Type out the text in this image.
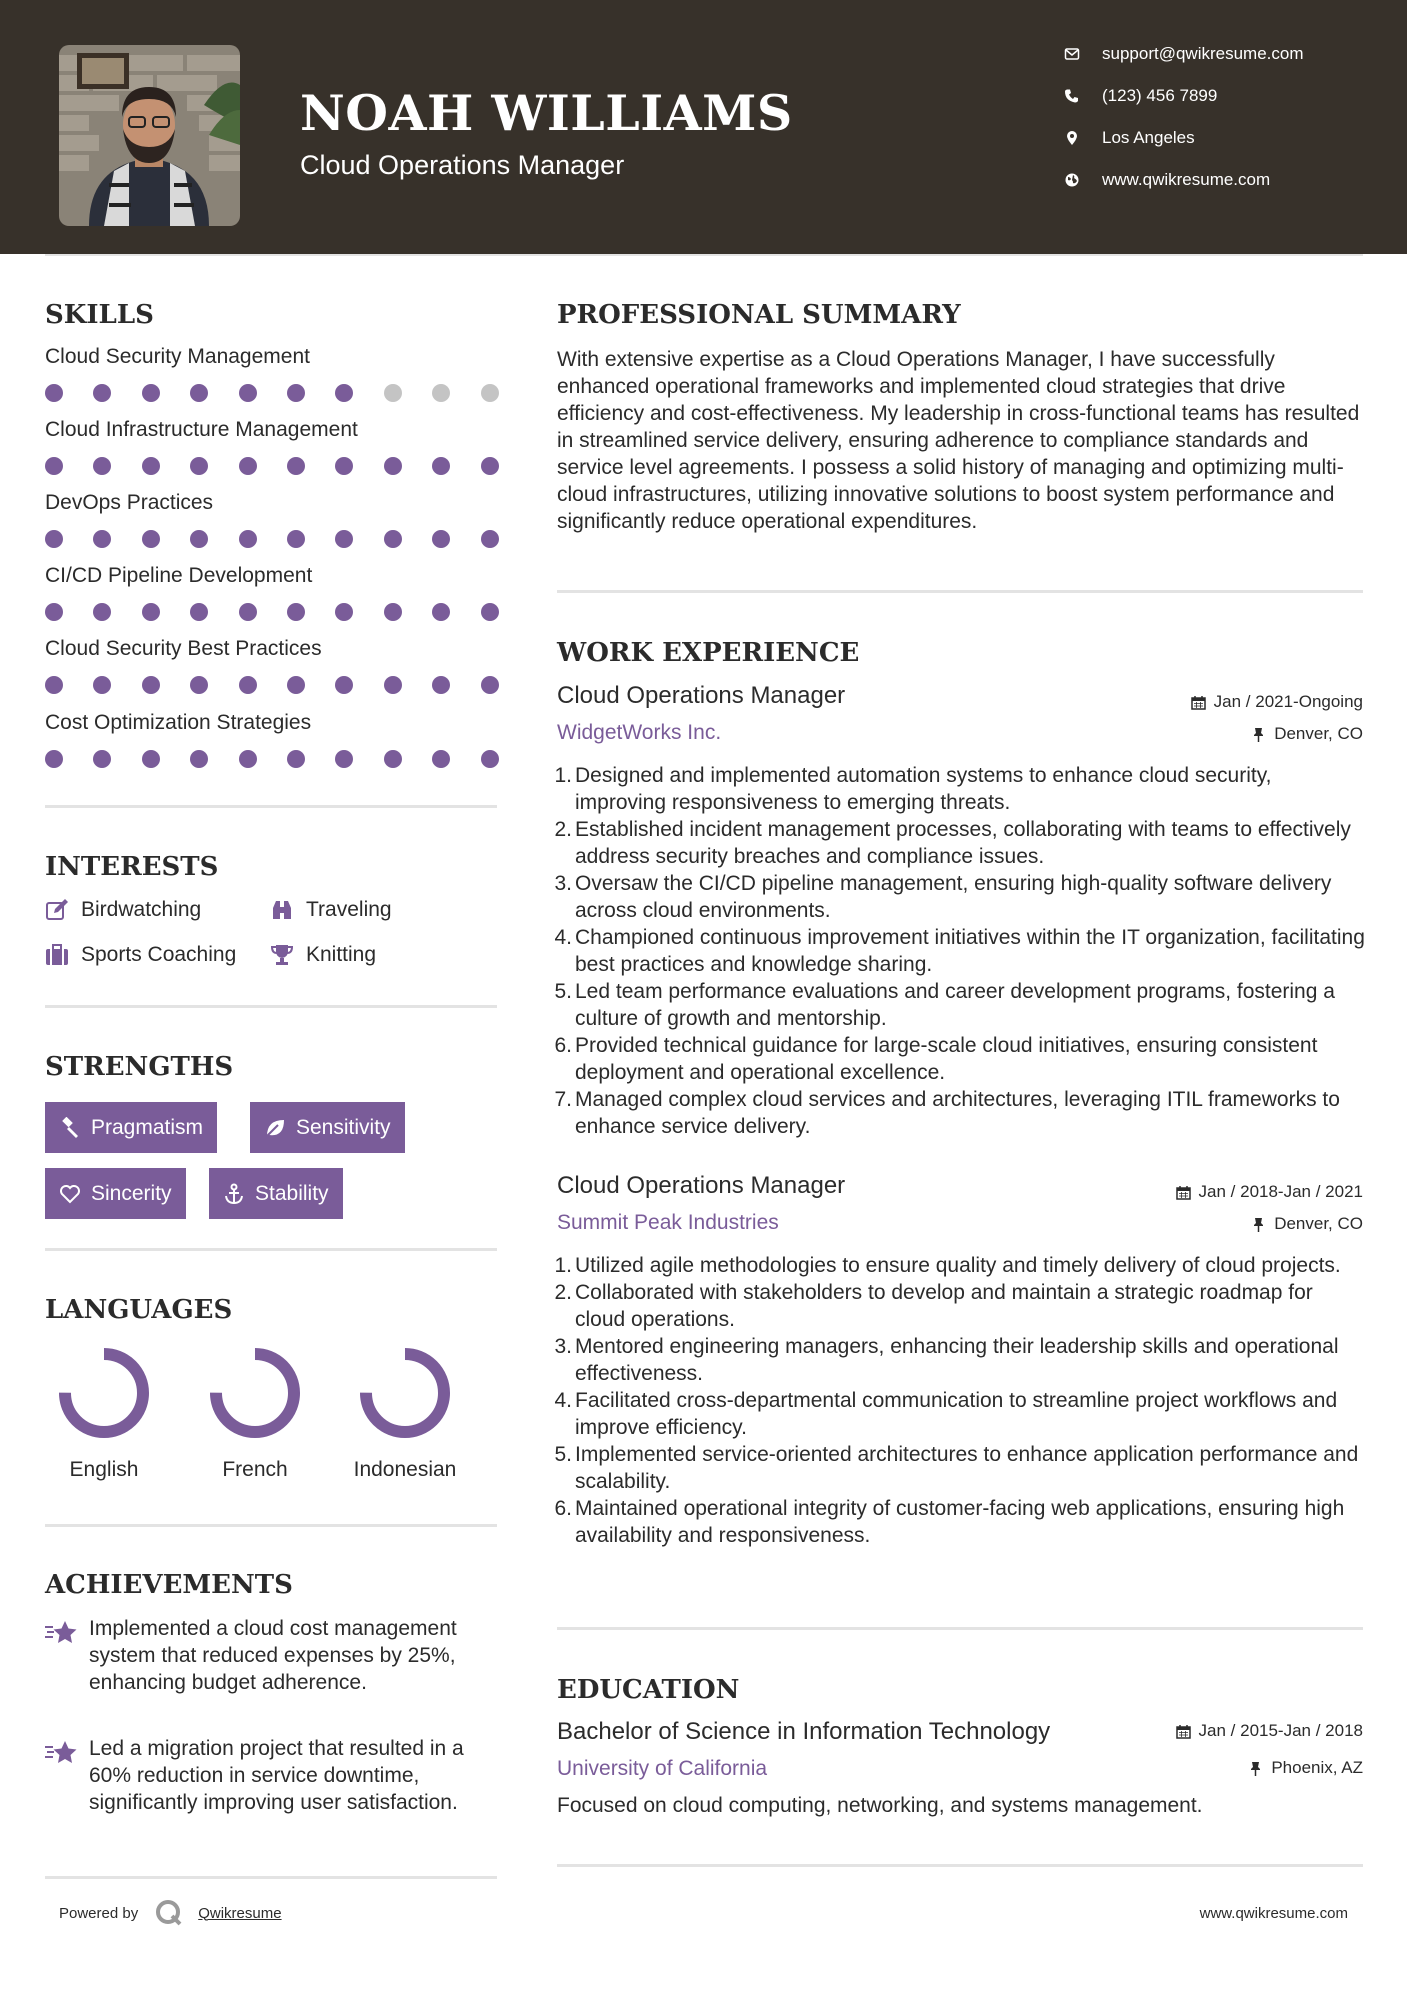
NOAH WILLIAMS
Cloud Operations Manager
support@qwikresume.com
(123) 456 7899
Los Angeles
www.qwikresume.com
SKILLS
Cloud Security Management
Cloud Infrastructure Management
DevOps Practices
CI/CD Pipeline Development
Cloud Security Best Practices
Cost Optimization Strategies
INTERESTS
Birdwatching	Traveling
Sports Coaching	Knitting
STRENGTHS
Pragmatism	Sensitivity
Sincerity	Stability
LANGUAGES
English	French	Indonesian
ACHIEVEMENTS

Implemented a cloud cost management system that reduced expenses by 25%, enhancing budget adherence.

Led a migration project that resulted in a 60% reduction in service downtime, significantly improving user satisfaction.

PROFESSIONAL SUMMARY

With extensive expertise as a Cloud Operations Manager, I have successfully enhanced operational frameworks and implemented cloud strategies that drive efficiency and cost-effectiveness. My leadership in cross-functional teams has resulted in streamlined service delivery, ensuring adherence to compliance standards and service level agreements. I possess a solid history of managing and optimizing multi-cloud infrastructures, utilizing innovative solutions to boost system performance and significantly reduce operational expenditures.

WORK EXPERIENCE
Cloud Operations Manager	Jan / 2021-Ongoing
WidgetWorks Inc.	Denver, CO
Designed and implemented automation systems to enhance cloud security, improving responsiveness to emerging threats.
Established incident management processes, collaborating with teams to effectively address security breaches and compliance issues.
Oversaw the CI/CD pipeline management, ensuring high-quality software delivery across cloud environments.
Championed continuous improvement initiatives within the IT organization, facilitating best practices and knowledge sharing.
Led team performance evaluations and career development programs, fostering a culture of growth and mentorship.
Provided technical guidance for large-scale cloud initiatives, ensuring consistent deployment and operational excellence.
Managed complex cloud services and architectures, leveraging ITIL frameworks to enhance service delivery.
Cloud Operations Manager	Jan / 2018-Jan / 2021
Summit Peak Industries	Denver, CO
Utilized agile methodologies to ensure quality and timely delivery of cloud projects.
Collaborated with stakeholders to develop and maintain a strategic roadmap for cloud operations.
Mentored engineering managers, enhancing their leadership skills and operational effectiveness.
Facilitated cross-departmental communication to streamline project workflows and improve efficiency.
Implemented service-oriented architectures to enhance application performance and scalability.
Maintained operational integrity of customer-facing web applications, ensuring high availability and responsiveness.
EDUCATION
Bachelor of Science in Information Technology	Jan / 2015-Jan / 2018
University of California	Phoenix, AZ
Focused on cloud computing, networking, and systems management.
Powered by	Qwikresume	www.qwikresume.com
